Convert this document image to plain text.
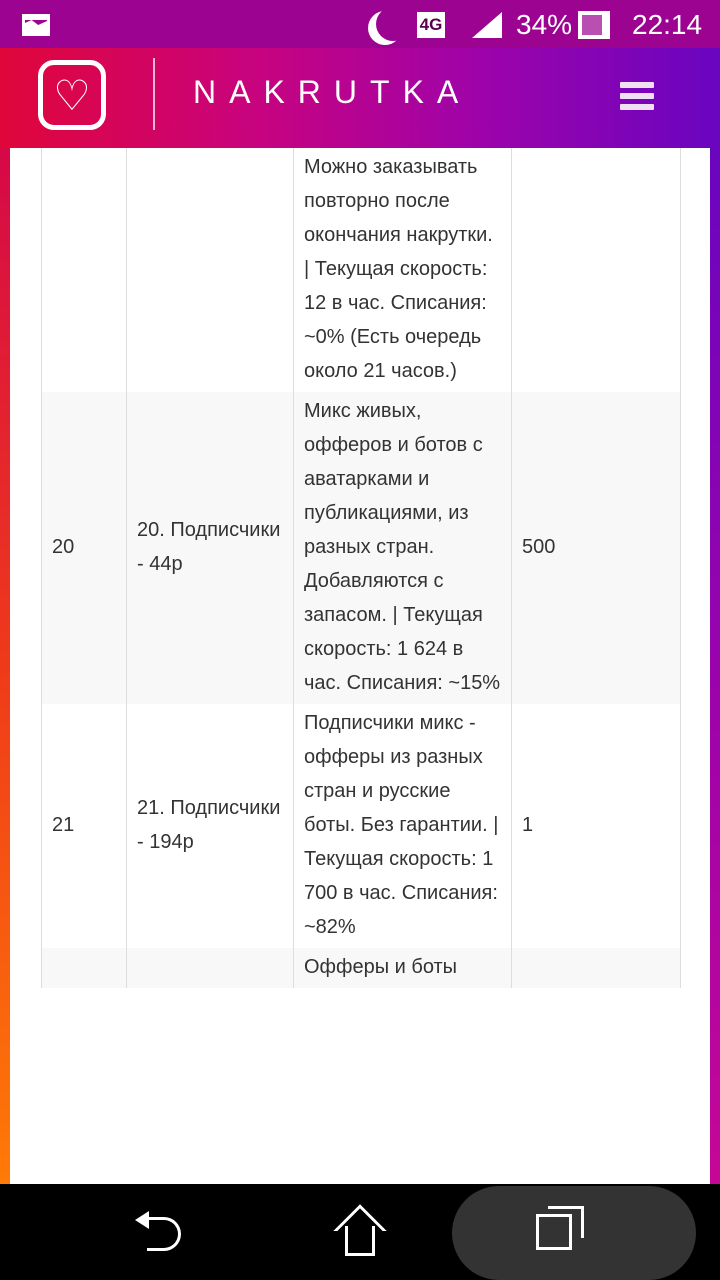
4G	34% 22:14
♡	NAKRUTKA
		Можно заказывать повторно после окончания накрутки. | Текущая скорость: 12 в час. Списания: ~0% (Есть очередь около 21 часов.)	
20	20. Подписчики - 44р	Микс живых, офферов и ботов с аватарками и публикациями, из разных стран. Добавляются с запасом. | Текущая скорость: 1 624 в час. Списания: ~15%	500
21	21. Подписчики - 194р	Подписчики микс - офферы из разных стран и русские боты. Без гарантии. | Текущая скорость: 1 700 в час. Списания: ~82%	1
		Офферы и боты	
